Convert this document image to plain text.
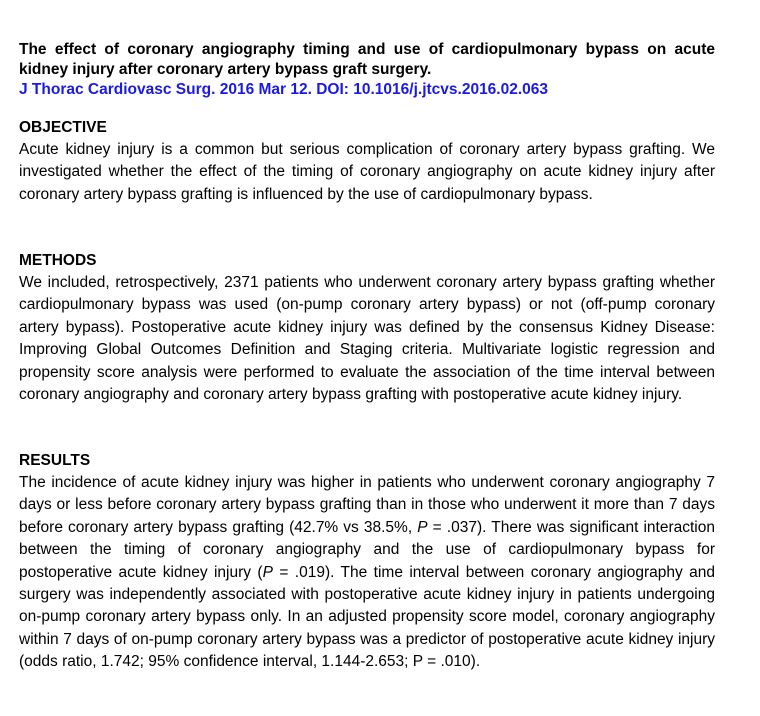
The effect of coronary angiography timing and use of cardiopulmonary bypass on acute kidney injury after coronary artery bypass graft surgery.
J Thorac Cardiovasc Surg. 2016 Mar 12. DOI: 10.1016/j.jtcvs.2016.02.063
OBJECTIVE

Acute kidney injury is a common but serious complication of coronary artery bypass grafting. We investigated whether the effect of the timing of coronary angiography on acute kidney injury after coronary artery bypass grafting is influenced by the use of cardiopulmonary bypass.

METHODS

We included, retrospectively, 2371 patients who underwent coronary artery bypass grafting whether cardiopulmonary bypass was used (on-pump coronary artery bypass) or not (off-pump coronary artery bypass). Postoperative acute kidney injury was defined by the consensus Kidney Disease: Improving Global Outcomes Definition and Staging criteria. Multivariate logistic regression and propensity score analysis were performed to evaluate the association of the time interval between coronary angiography and coronary artery bypass grafting with postoperative acute kidney injury.

RESULTS

The incidence of acute kidney injury was higher in patients who underwent coronary angiography 7 days or less before coronary artery bypass grafting than in those who underwent it more than 7 days before coronary artery bypass grafting (42.7% vs 38.5%, P = .037). There was significant interaction between the timing of coronary angiography and the use of cardiopulmonary bypass for postoperative acute kidney injury (P = .019). The time interval between coronary angiography and surgery was independently associated with postoperative acute kidney injury in patients undergoing on-pump coronary artery bypass only. In an adjusted propensity score model, coronary angiography within 7 days of on-pump coronary artery bypass was a predictor of postoperative acute kidney injury (odds ratio, 1.742; 95% confidence interval, 1.144-2.653; P = .010).
